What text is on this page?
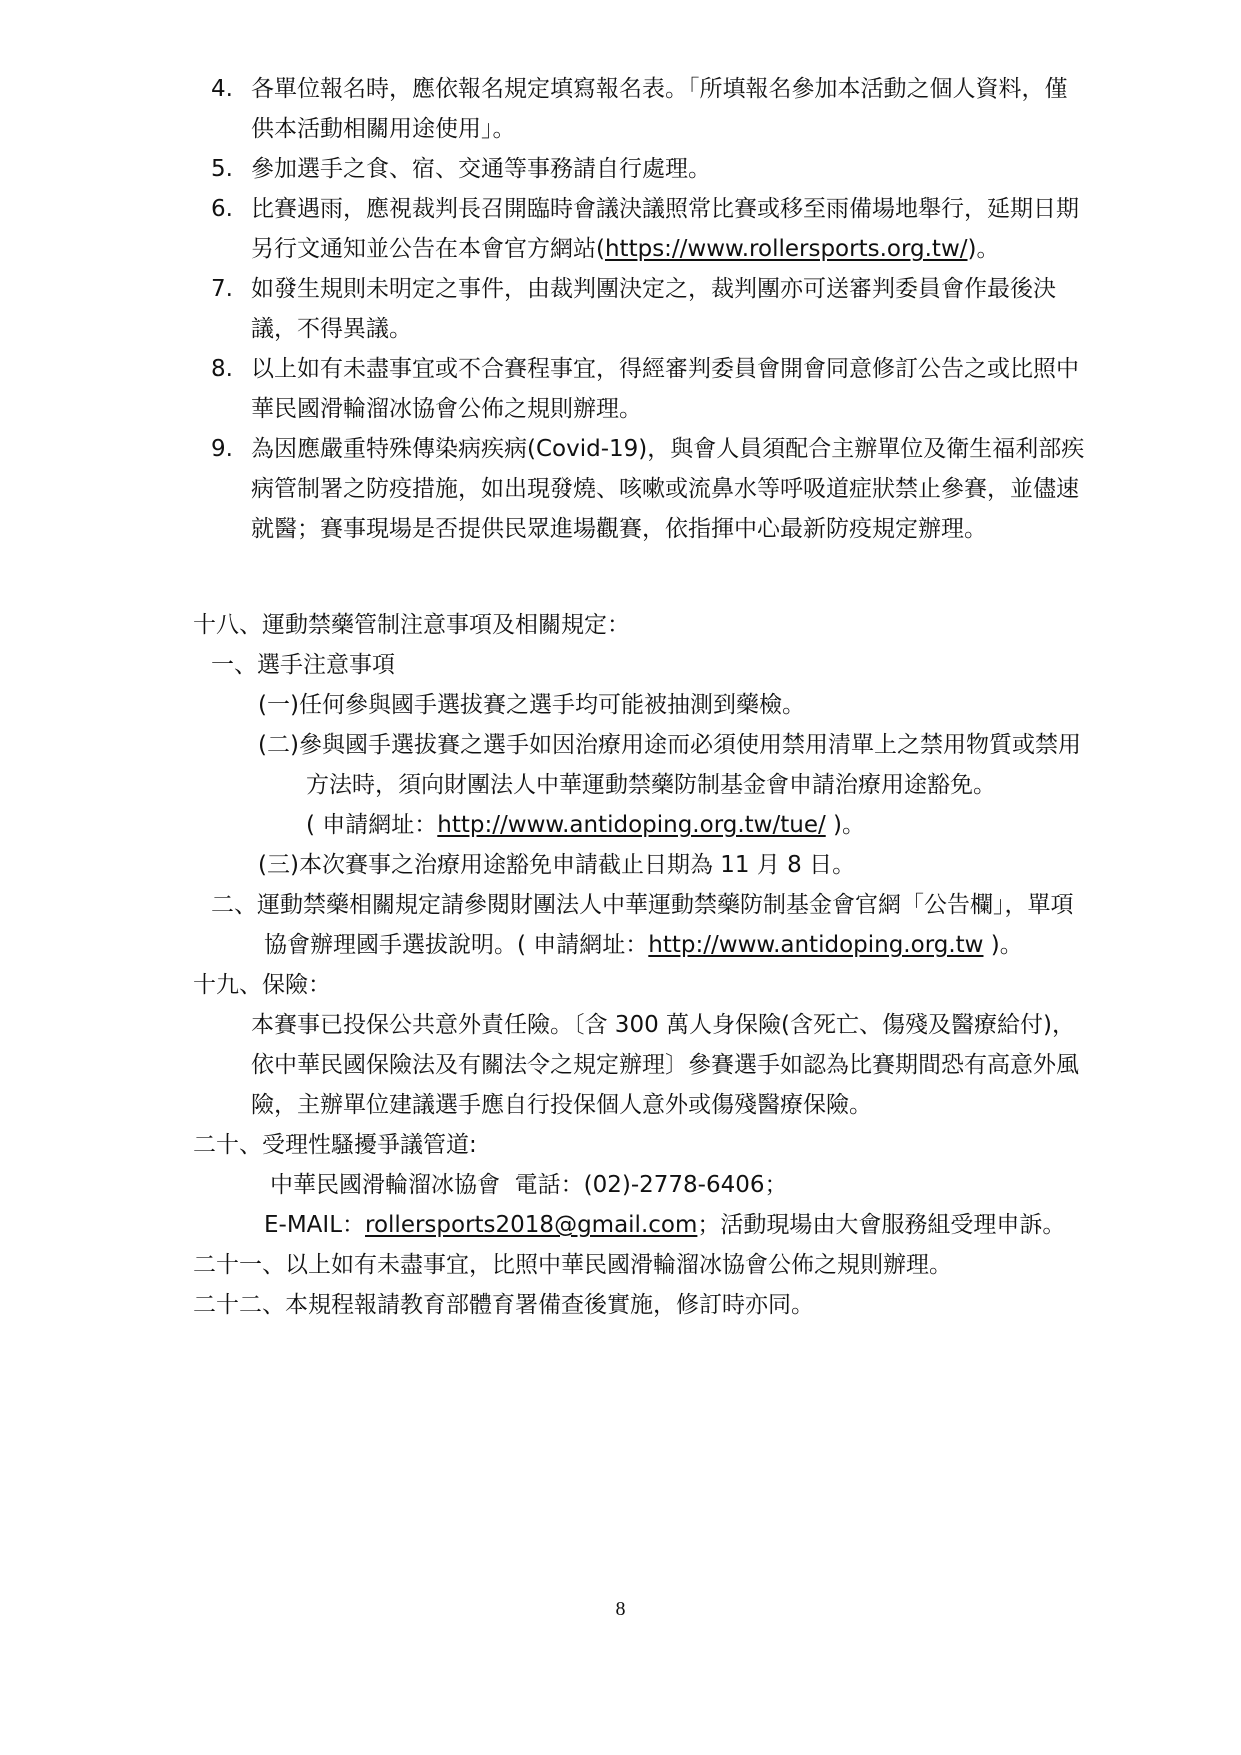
4. 各單位報名時，應依報名規定填寫報名表。「所填報名參加本活動之個人資料，僅
供本活動相關用途使用」。
5. 參加選手之食、宿、交通等事務請自行處理。
6. 比賽遇雨，應視裁判長召開臨時會議決議照常比賽或移至雨備場地舉行，延期日期
另行文通知並公告在本會官方網站(https://www.rollersports.org.tw/)。
7. 如發生規則未明定之事件，由裁判團決定之，裁判團亦可送審判委員會作最後決
議，不得異議。
8. 以上如有未盡事宜或不合賽程事宜，得經審判委員會開會同意修訂公告之或比照中
華民國滑輪溜冰協會公佈之規則辦理。
9. 為因應嚴重特殊傳染病疾病(Covid-19)，與會人員須配合主辦單位及衛生福利部疾
病管制署之防疫措施，如出現發燒、咳嗽或流鼻水等呼吸道症狀禁止參賽，並儘速
就醫；賽事現場是否提供民眾進場觀賽，依指揮中心最新防疫規定辦理。
十八、運動禁藥管制注意事項及相關規定：
一、選手注意事項
(一)任何參與國手選拔賽之選手均可能被抽測到藥檢。
(二)參與國手選拔賽之選手如因治療用途而必須使用禁用清單上之禁用物質或禁用
方法時，須向財團法人中華運動禁藥防制基金會申請治療用途豁免。
( 申請網址：http://www.antidoping.org.tw/tue/ )。
(三)本次賽事之治療用途豁免申請截止日期為 11 月 8 日。
二、運動禁藥相關規定請參閱財團法人中華運動禁藥防制基金會官網「公告欄」，單項
協會辦理國手選拔說明。( 申請網址：http://www.antidoping.org.tw )。
十九、保險：
本賽事已投保公共意外責任險。〔含 300 萬人身保險(含死亡、傷殘及醫療給付)，
依中華民國保險法及有關法令之規定辦理〕參賽選手如認為比賽期間恐有高意外風
險，主辦單位建議選手應自行投保個人意外或傷殘醫療保險。
二十、受理性騷擾爭議管道:
中華民國滑輪溜冰協會  電話：(02)-2778-6406；
E-MAIL：rollersports2018@gmail.com；活動現場由大會服務組受理申訴。
二十一、以上如有未盡事宜，比照中華民國滑輪溜冰協會公佈之規則辦理。
二十二、本規程報請教育部體育署備查後實施，修訂時亦同。
8
